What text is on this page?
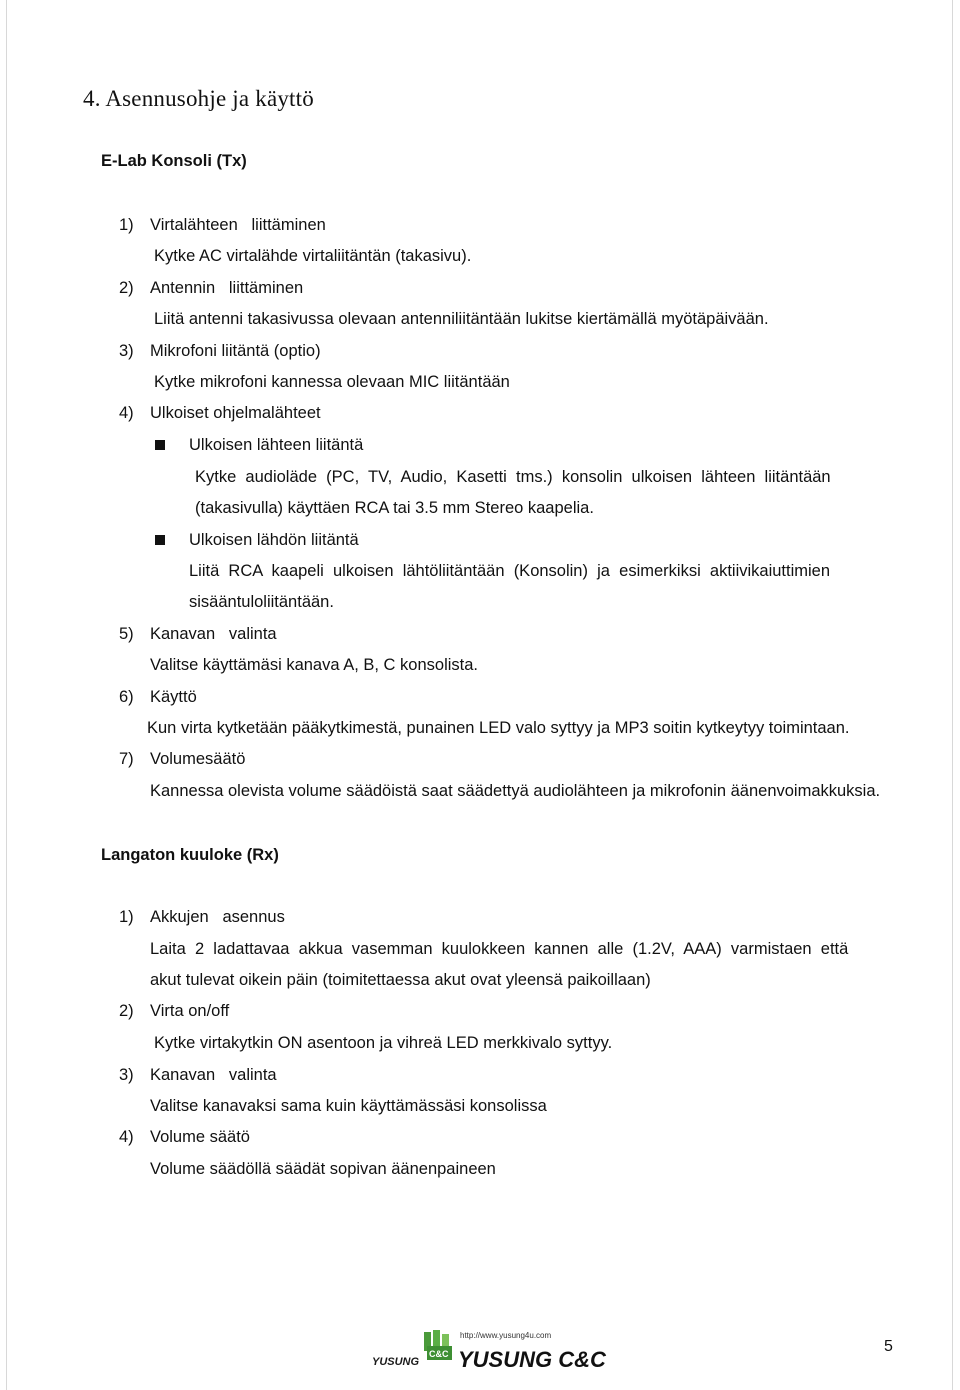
4. Asennusohje ja käyttö
E-Lab Konsoli (Tx)
1) Virtalähteen   liittäminen
Kytke AC virtalähde virtaliitäntän (takasivu).
2) Antennin   liittäminen
Liitä antenni takasivussa olevaan antenniliitäntään lukitse kiertämällä myötäpäivään.
3) Mikrofoni liitäntä (optio)
Kytke mikrofoni kannessa olevaan MIC liitäntään
4) Ulkoiset ohjelmalähteet
Ulkoisen lähteen liitäntä
Kytke  audioläde  (PC,  TV,  Audio,  Kasetti  tms.)  konsolin  ulkoisen  lähteen  liitäntään
(takasivulla) käyttäen RCA tai 3.5 mm Stereo kaapelia.
Ulkoisen lähdön liitäntä
Liitä  RCA  kaapeli  ulkoisen  lähtöliitäntään  (Konsolin)  ja  esimerkiksi  aktiivikaiuttimien
sisääntuloliitäntään.
5) Kanavan   valinta
Valitse käyttämäsi kanava A, B, C konsolista.
6) Käyttö
Kun virta kytketään pääkytkimestä, punainen LED valo syttyy ja MP3 soitin kytkeytyy toimintaan.
7) Volumesäätö
Kannessa olevista volume säädöistä saat säädettyä audiolähteen ja mikrofonin äänenvoimakkuksia.
Langaton kuuloke (Rx)
1) Akkujen   asennus
Laita  2  ladattavaa  akkua  vasemman  kuulokkeen  kannen  alle  (1.2V,  AAA)  varmistaen  että
akut tulevat oikein päin (toimitettaessa akut ovat yleensä paikoillaan)
2) Virta on/off
Kytke virtakytkin ON asentoon ja vihreä LED merkkivalo syttyy.
3) Kanavan   valinta
Valitse kanavaksi sama kuin käyttämässäsi konsolissa
4) Volume säätö
Volume säädöllä säädät sopivan äänenpaineen
C&C
YUSUNG
http://www.yusung4u.com
YUSUNG C&C
5
